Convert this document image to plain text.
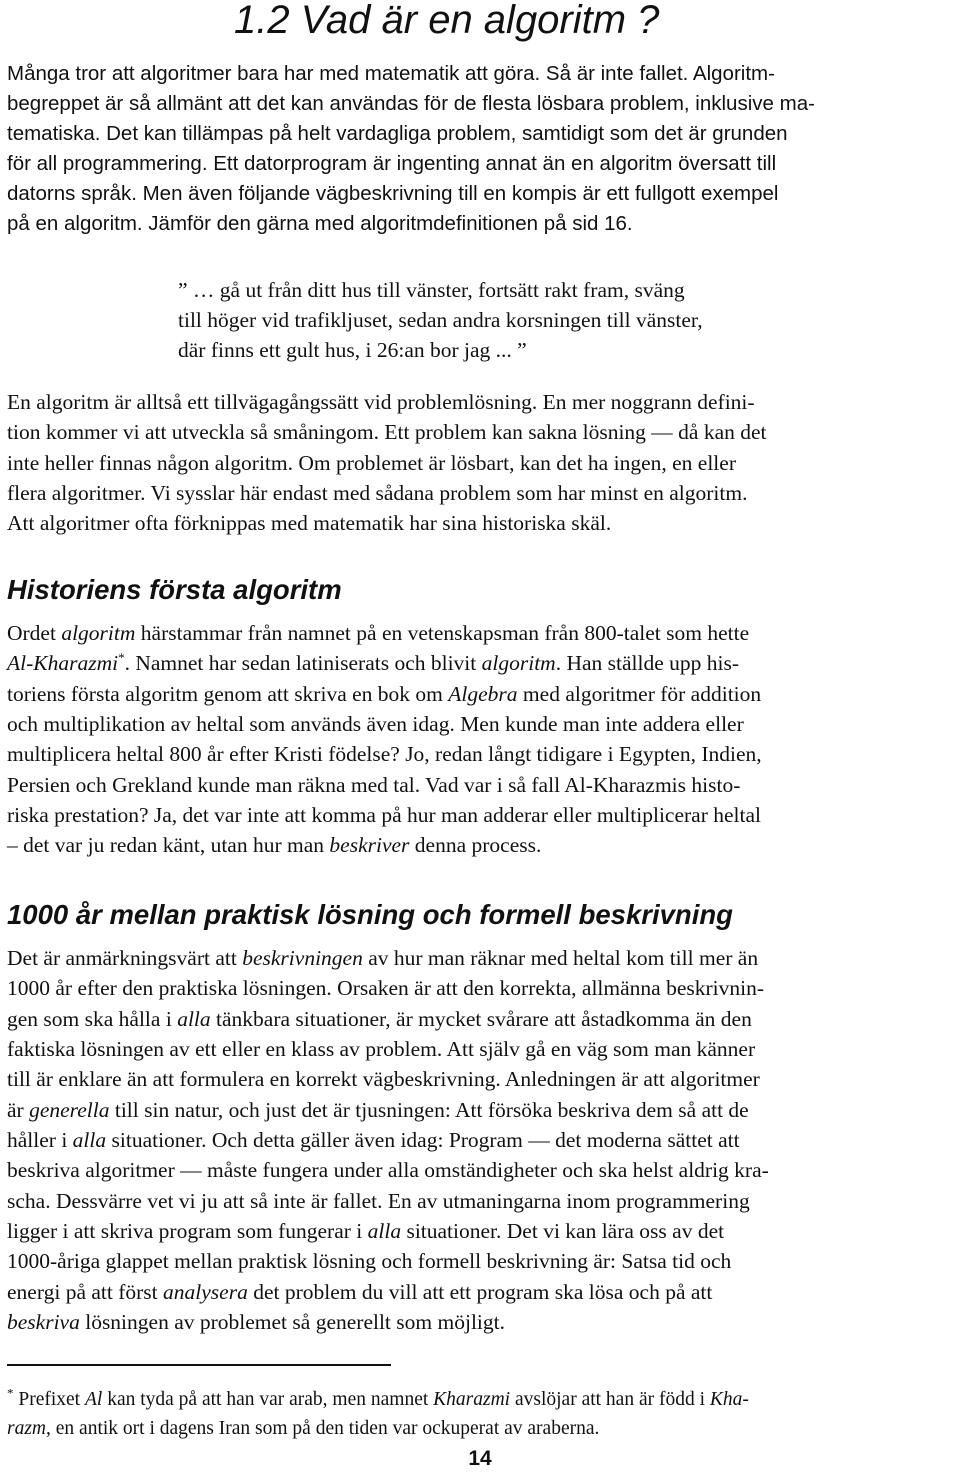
1.2 Vad är en algoritm ?

Många tror att algoritmer bara har med matematik att göra. Så är inte fallet. Algoritm-

begreppet är så allmänt att det kan användas för de flesta lösbara problem, inklusive ma-

tematiska. Det kan tillämpas på helt vardagliga problem, samtidigt som det är grunden

för all programmering. Ett datorprogram är ingenting annat än en algoritm översatt till

datorns språk. Men även följande vägbeskrivning till en kompis är ett fullgott exempel

på en algoritm. Jämför den gärna med algoritmdefinitionen på sid 16.

” … gå ut från ditt hus till vänster, fortsätt rakt fram, sväng
till höger vid trafikljuset, sedan andra korsningen till vänster,
där finns ett gult hus, i 26:an bor jag ... ”

En algoritm är alltså ett tillvägagångssätt vid problemlösning. En mer noggrann defini-

tion kommer vi att utveckla så småningom. Ett problem kan sakna lösning — då kan det

inte heller finnas någon algoritm. Om problemet är lösbart, kan det ha ingen, en eller

flera algoritmer. Vi sysslar här endast med sådana problem som har minst en algoritm.

Att algoritmer ofta förknippas med matematik har sina historiska skäl.

Historiens första algoritm

Ordet algoritm härstammar från namnet på en vetenskapsman från 800-talet som hette

Al-Kharazmi*. Namnet har sedan latiniserats och blivit algoritm. Han ställde upp his-

toriens första algoritm genom att skriva en bok om Algebra med algoritmer för addition

och multiplikation av heltal som används även idag. Men kunde man inte addera eller

multiplicera heltal 800 år efter Kristi födelse? Jo, redan långt tidigare i Egypten, Indien,

Persien och Grekland kunde man räkna med tal. Vad var i så fall Al-Kharazmis histo-

riska prestation? Ja, det var inte att komma på hur man adderar eller multiplicerar heltal

– det var ju redan känt, utan hur man beskriver denna process.

1000 år mellan praktisk lösning och formell beskrivning

Det är anmärkningsvärt att beskrivningen av hur man räknar med heltal kom till mer än

1000 år efter den praktiska lösningen. Orsaken är att den korrekta, allmänna beskrivnin-

gen som ska hålla i alla tänkbara situationer, är mycket svårare att åstadkomma än den

faktiska lösningen av ett eller en klass av problem. Att själv gå en väg som man känner

till är enklare än att formulera en korrekt vägbeskrivning. Anledningen är att algoritmer

är generella till sin natur, och just det är tjusningen: Att försöka beskriva dem så att de

håller i alla situationer. Och detta gäller även idag: Program — det moderna sättet att

beskriva algoritmer — måste fungera under alla omständigheter och ska helst aldrig kra-

scha. Dessvärre vet vi ju att så inte är fallet. En av utmaningarna inom programmering

ligger i att skriva program som fungerar i alla situationer. Det vi kan lära oss av det

1000-åriga glappet mellan praktisk lösning och formell beskrivning är: Satsa tid och

energi på att först analysera det problem du vill att ett program ska lösa och på att

beskriva lösningen av problemet så generellt som möjligt.

* Prefixet Al kan tyda på att han var arab, men namnet Kharazmi avslöjar att han är född i Kha-
razm, en antik ort i dagens Iran som på den tiden var ockuperat av araberna.
14
